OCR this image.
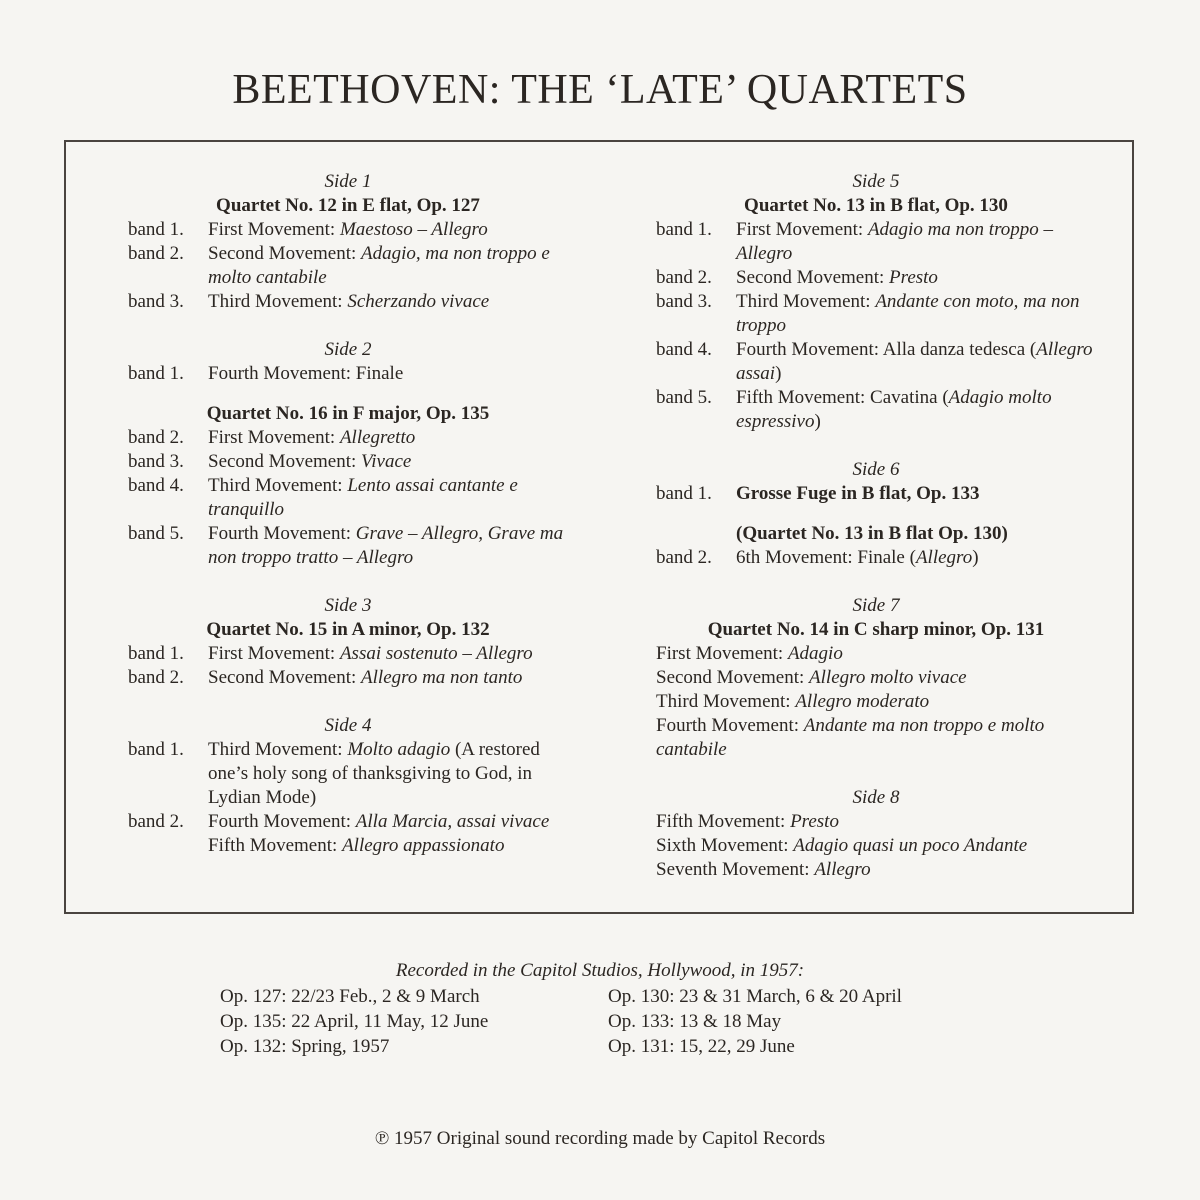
BEETHOVEN: THE ‘LATE’ QUARTETS
Side 1
Quartet No. 12 in E flat, Op. 127
band 1.	First Movement: Maestoso – Allegro
band 2.	Second Movement: Adagio, ma non troppo e molto cantabile
band 3.	Third Movement: Scherzando vivace
Side 2
band 1.	Fourth Movement: Finale
Quartet No. 16 in F major, Op. 135
band 2.	First Movement: Allegretto
band 3.	Second Movement: Vivace
band 4.	Third Movement: Lento assai cantante e tranquillo
band 5.	Fourth Movement: Grave – Allegro, Grave ma non troppo tratto – Allegro
Side 3
Quartet No. 15 in A minor, Op. 132
band 1.	First Movement: Assai sostenuto – Allegro
band 2.	Second Movement: Allegro ma non tanto
Side 4
band 1.	Third Movement: Molto adagio (A restored one’s holy song of thanksgiving to God, in Lydian Mode)
band 2.	Fourth Movement: Alla Marcia, assai vivace
Fifth Movement: Allegro appassionato
Side 5
Quartet No. 13 in B flat, Op. 130
band 1.	First Movement: Adagio ma non troppo – Allegro
band 2.	Second Movement: Presto
band 3.	Third Movement: Andante con moto, ma non troppo
band 4.	Fourth Movement: Alla danza tedesca (Allegro assai)
band 5.	Fifth Movement: Cavatina (Adagio molto espressivo)
Side 6
band 1.	Grosse Fuge in B flat, Op. 133
(Quartet No. 13 in B flat Op. 130)
band 2.	6th Movement: Finale (Allegro)
Side 7
Quartet No. 14 in C sharp minor, Op. 131
First Movement: Adagio
Second Movement: Allegro molto vivace
Third Movement: Allegro moderato
Fourth Movement: Andante ma non troppo e molto cantabile
Side 8
Fifth Movement: Presto
Sixth Movement: Adagio quasi un poco Andante
Seventh Movement: Allegro
Recorded in the Capitol Studios, Hollywood, in 1957:
Op. 127: 22/23 Feb., 2 & 9 March
Op. 135: 22 April, 11 May, 12 June
Op. 132: Spring, 1957
Op. 130: 23 & 31 March, 6 & 20 April
Op. 133: 13 & 18 May
Op. 131: 15, 22, 29 June
℗ 1957 Original sound recording made by Capitol Records
